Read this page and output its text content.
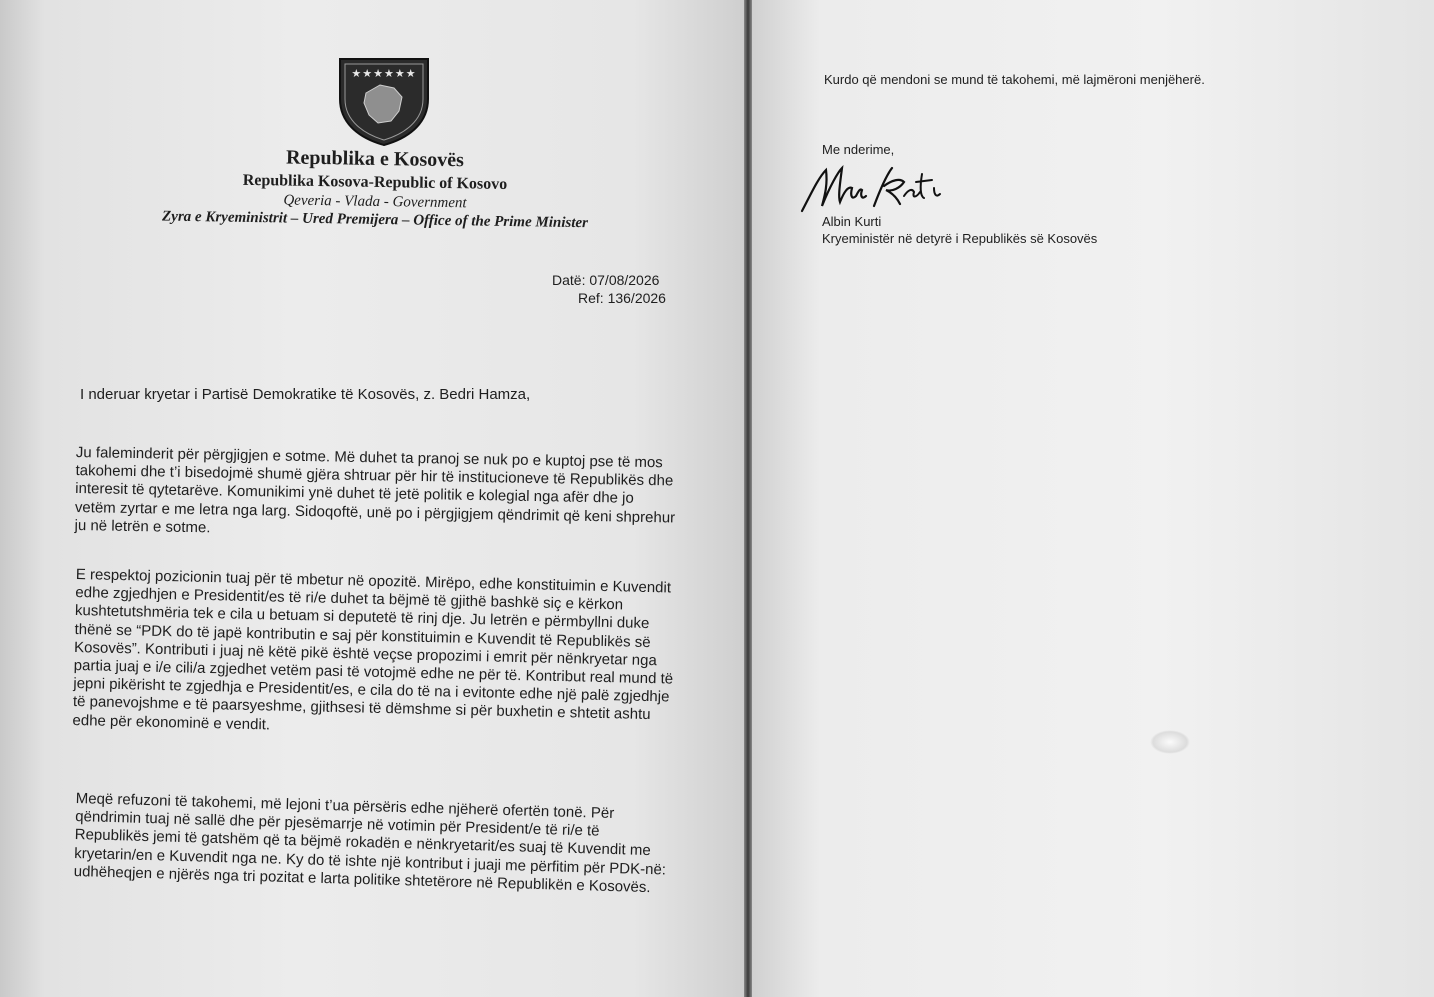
★★★★★★
Republika e Kosovës
Republika Kosova-Republic of Kosovo
Qeveria - Vlada - Government
Zyra e Kryeministrit – Ured Premijera – Office of the Prime Minister
Datë: 07/08/2026
Ref: 136/2026
I nderuar kryetar i Partisë Demokratike të Kosovës, z. Bedri Hamza,

Ju faleminderit për përgjigjen e sotme. Më duhet ta pranoj se nuk po e kuptoj pse të mos takohemi dhe t’i bisedojmë shumë gjëra shtruar për hir të institucioneve të Republikës dhe interesit të qytetarëve. Komunikimi ynë duhet të jetë politik e kolegial nga afër dhe jo vetëm zyrtar e me letra nga larg. Sidoqoftë, unë po i përgjigjem qëndrimit që keni shprehur ju në letrën e sotme.

E respektoj pozicionin tuaj për të mbetur në opozitë. Mirëpo, edhe konstituimin e Kuvendit edhe zgjedhjen e Presidentit/es të ri/e duhet ta bëjmë të gjithë bashkë siç e kërkon kushtetutshmëria tek e cila u betuam si deputetë të rinj dje. Ju letrën e përmbyllni duke thënë se “PDK do të japë kontributin e saj për konstituimin e Kuvendit të Republikës së Kosovës”. Kontributi i juaj në këtë pikë është veçse propozimi i emrit për nënkryetar nga partia juaj e i/e cili/a zgjedhet vetëm pasi të votojmë edhe ne për të. Kontribut real mund të jepni pikërisht te zgjedhja e Presidentit/es, e cila do të na i evitonte edhe një palë zgjedhje të panevojshme e të paarsyeshme, gjithsesi të dëmshme si për buxhetin e shtetit ashtu edhe për ekonominë e vendit.

Meqë refuzoni të takohemi, më lejoni t’ua përsëris edhe njëherë ofertën tonë. Për qëndrimin tuaj në sallë dhe për pjesëmarrje në votimin për President/e të ri/e të Republikës jemi të gatshëm që ta bëjmë rokadën e nënkryetarit/es suaj të Kuvendit me kryetarin/en e Kuvendit nga ne. Ky do të ishte një kontribut i juaji me përfitim për PDK-në: udhëheqjen e njërës nga tri pozitat e larta politike shtetërore në Republikën e Kosovës.

Kurdo që mendoni se mund të takohemi, më lajmëroni menjëherë.
Me nderime,
Albin Kurti
Kryeministër në detyrë i Republikës së Kosovës
